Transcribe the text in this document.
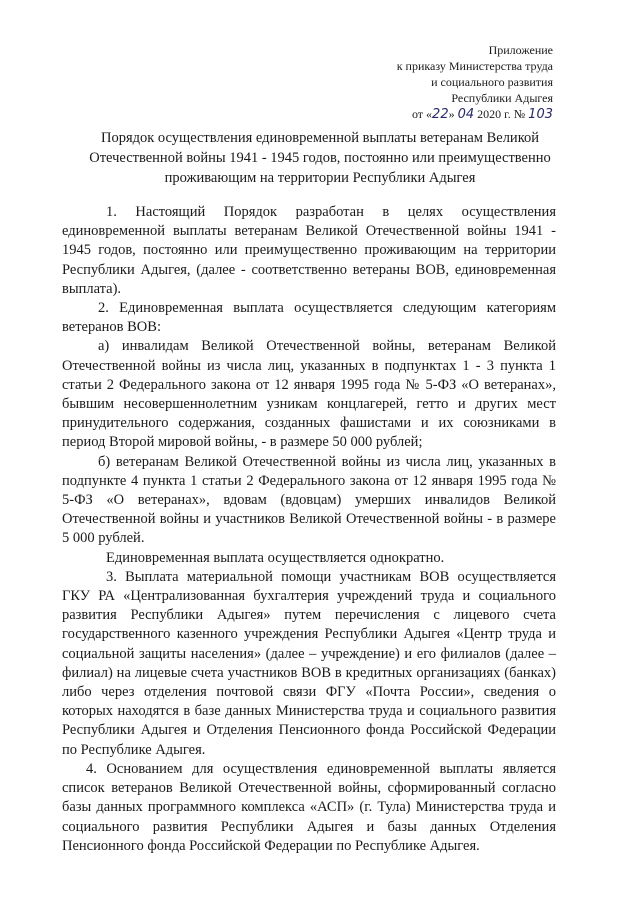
Приложение
к приказу Министерства труда
и социального развития
Республики Адыгея
от «22» 04 2020 г. № 103
Порядок осуществления единовременной выплаты ветеранам Великой Отечественной войны 1941 - 1945 годов, постоянно или преимущественно проживающим на территории Республики Адыгея

1. Настоящий Порядок разработан в целях осуществления единовременной выплаты ветеранам Великой Отечественной войны 1941 - 1945 годов, постоянно или преимущественно проживающим на территории Республики Адыгея, (далее - соответственно ветераны ВОВ, единовременная выплата).

2. Единовременная выплата осуществляется следующим категориям ветеранов ВОВ:

а) инвалидам Великой Отечественной войны, ветеранам Великой Отечественной войны из числа лиц, указанных в подпунктах 1 - 3 пункта 1 статьи 2 Федерального закона от 12 января 1995 года № 5-ФЗ «О ветеранах», бывшим несовершеннолетним узникам концлагерей, гетто и других мест принудительного содержания, созданных фашистами и их союзниками в период Второй мировой войны, - в размере 50 000 рублей;

б) ветеранам Великой Отечественной войны из числа лиц, указанных в подпункте 4 пункта 1 статьи 2 Федерального закона от 12 января 1995 года № 5-ФЗ «О ветеранах», вдовам (вдовцам) умерших инвалидов Великой Отечественной войны и участников Великой Отечественной войны - в размере 5 000 рублей.

Единовременная выплата осуществляется однократно.

3. Выплата материальной помощи участникам ВОВ осуществляется ГКУ РА «Централизованная бухгалтерия учреждений труда и социального развития Республики Адыгея» путем перечисления с лицевого счета государственного казенного учреждения Республики Адыгея «Центр труда и социальной защиты населения» (далее – учреждение) и его филиалов (далее – филиал) на лицевые счета участников ВОВ в кредитных организациях (банках) либо через отделения почтовой связи ФГУ «Почта России», сведения о которых находятся в базе данных Министерства труда и социального развития Республики Адыгея и Отделения Пенсионного фонда Российской Федерации по Республике Адыгея.

4. Основанием для осуществления единовременной выплаты является список ветеранов Великой Отечественной войны, сформированный согласно базы данных программного комплекса «АСП» (г. Тула) Министерства труда и социального развития Республики Адыгея и базы данных Отделения Пенсионного фонда Российской Федерации по Республике Адыгея.
